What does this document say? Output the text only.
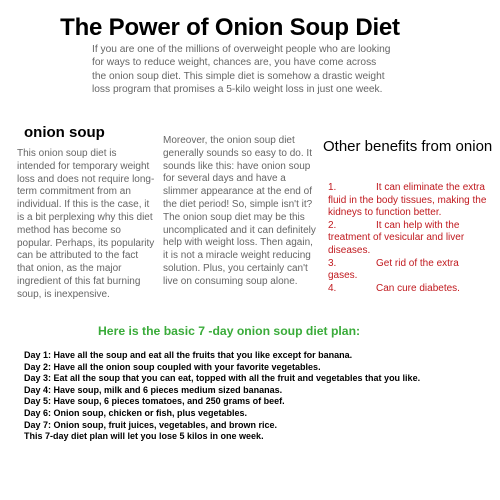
The Power of Onion Soup Diet
If you are one of the millions of overweight people who are looking for ways to reduce weight, chances are, you have come across the onion soup diet. This simple diet is somehow a drastic weight loss program that promises a 5-kilo weight loss in just one week.
onion soup
This onion soup diet is intended for temporary weight loss and does not require long-term commitment from an individual. If this is the case, it is a bit perplexing why this diet method has become so popular. Perhaps, its popularity can be attributed to the fact that onion, as the major ingredient of this fat burning soup, is inexpensive.

Moreover, the onion soup diet generally sounds so easy to do. It sounds like this: have onion soup for several days and have a slimmer appearance at the end of the diet period! So, simple isn't it?

The onion soup diet may be this uncomplicated and it can definitely help with weight loss. Then again, it is not a miracle weight reducing solution. Plus, you certainly can't live on consuming soup alone.

Other benefits from onion
1.	It can eliminate the extra fluid in the body tissues, making the kidneys to function better.
2.	It can help with the treatment of vesicular and liver diseases.
3.	Get rid of the extra gases.
4.	Can cure diabetes.
Here is the basic 7 -day onion soup diet plan:
Day 1: Have all the soup and eat all the fruits that you like except for banana.
Day 2: Have all the onion soup coupled with your favorite vegetables.
Day 3: Eat all the soup that you can eat, topped with all the fruit and vegetables that you like.
Day 4: Have soup, milk and 6 pieces medium sized bananas.
Day 5: Have soup, 6 pieces tomatoes, and 250 grams of beef.
Day 6: Onion soup, chicken or fish, plus vegetables.
Day 7: Onion soup, fruit juices, vegetables, and brown rice.
This 7-day diet plan will let you lose 5 kilos in one week.
